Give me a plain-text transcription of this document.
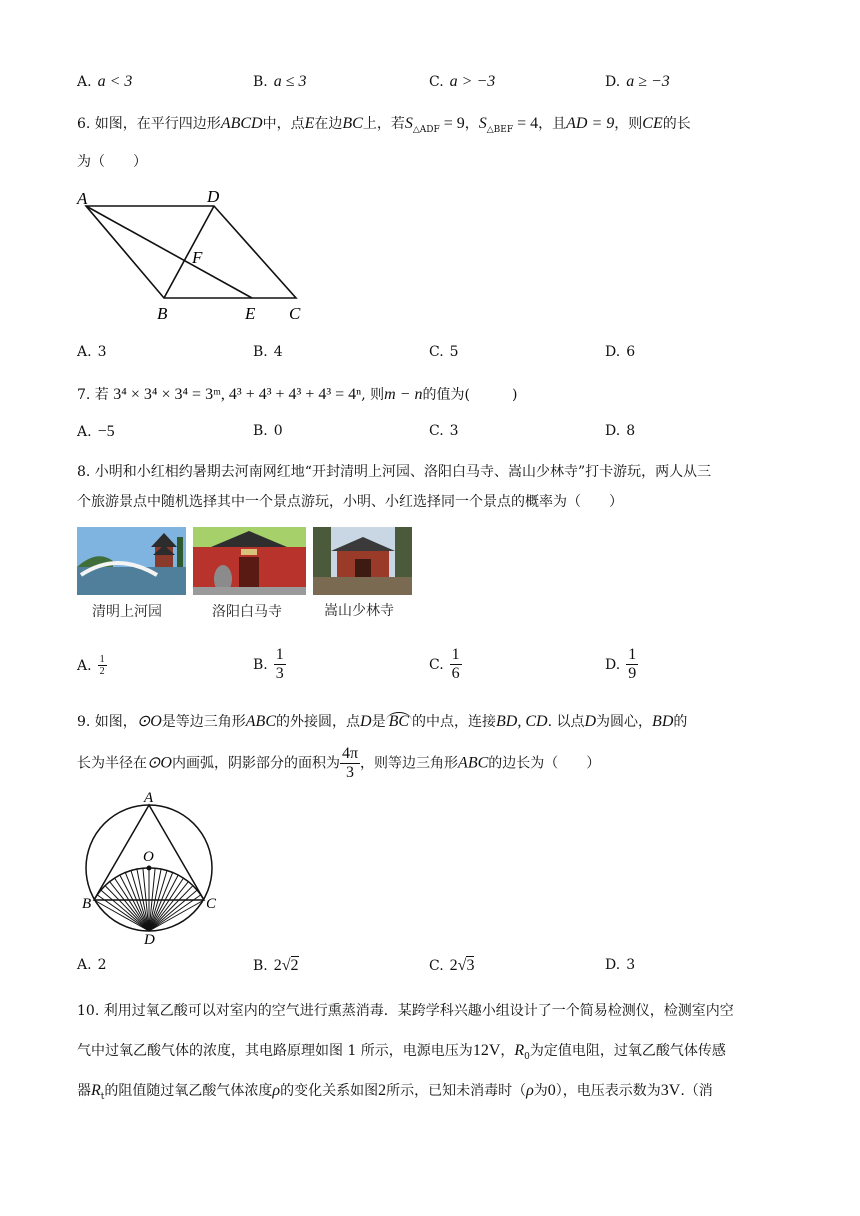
A. a < 3	B. a ≤ 3	C. a > −3	D. a ≥ −3
6. 如图，在平行四边形ABCD中，点E在边BC上，若$S_{\triangle ADF} = 9$，$S_{\triangle BEF} = 4$，且AD = 9，则CE的长
为（　　）
A	D
F
B	E C
A. 3	B. 4	C. 5	D. 6
7. 若 3⁴ × 3⁴ × 3⁴ = 3ᵐ, 4³ + 4³ + 4³ + 4³ = 4ⁿ, 则m − n的值为(　　　)
A. −5	B. 0	C. 3	D. 8
8. 小明和小红相约暑期去河南网红地“开封清明上河园、洛阳白马寺、嵩山少林寺”打卡游玩，两人从三
个旅游景点中随机选择其中一个景点游玩，小明、小红选择同一个景点的概率为（　　）
清明上河园	洛阳白马寺	嵩山少林寺
A. $\frac{1}{2}$	B. $\frac{1}{3}$	C. $\frac{1}{6}$	D. $\frac{1}{9}$
9. 如图，⊙O是等边三角形ABC的外接圆，点D是 BC 的中点，连接BD, CD. 以点D为圆心，BD的
长为半径在⊙O内画弧，阴影部分的面积为 $\frac{4\pi}{3}$ ，则等边三角形ABC的边长为（　　）
O
A
B	C
D
A. 2	B. 2√2	C. 2√3	D. 3
10. 利用过氧乙酸可以对室内的空气进行熏蒸消毒．某跨学科兴趣小组设计了一个简易检测仪，检测室内空
气中过氧乙酸气体的浓度，其电路原理如图 1 所示，电源电压为12V，$R_0$为定值电阻，过氧乙酸气体传感
器$R_t$的阻值随过氧乙酸气体浓度ρ的变化关系如图2所示，已知未消毒时（ρ为0），电压表示数为3V.（消
